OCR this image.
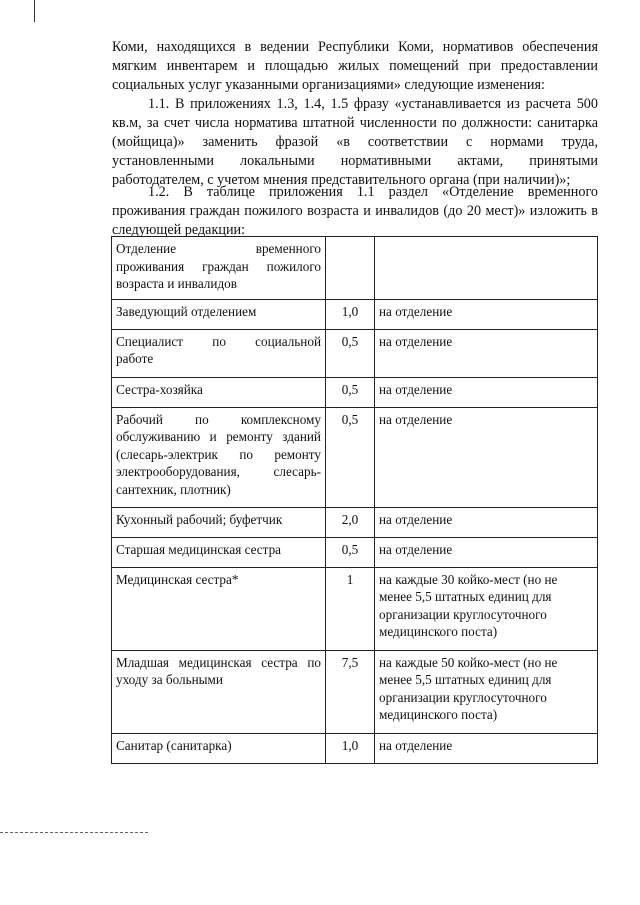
Коми, находящихся в ведении Республики Коми, нормативов обеспечения

мягким инвентарем и площадью жилых помещений при предоставлении

социальных услуг указанными организациями» следующие изменения:

1.1. В приложениях 1.3, 1.4, 1.5 фразу «устанавливается из расчета 500

кв.м, за счет числа норматива штатной численности по должности: санитарка

(мойщица)» заменить фразой «в соответствии с нормами труда,

установленными локальными нормативными актами, принятыми

работодателем, с учетом мнения представительного органа (при наличии)»;

1.2. В таблице приложения 1.1 раздел «Отделение временного

проживания граждан пожилого возраста и инвалидов (до 20 мест)» изложить в

следующей редакции:

Отделение временного
проживания граждан пожилого
возраста и инвалидов		
Заведующий отделением	1,0	на отделение

Специалист по социальной
работе	0,5	на отделение
Сестра-хозяйка	0,5	на отделение

Рабочий по комплексному
обслуживанию и ремонту зданий
(слесарь-электрик по ремонту
электрооборудования, слесарь-
сантехник, плотник)	0,5	на отделение
Кухонный рабочий; буфетчик	2,0	на отделение
Старшая медицинская сестра	0,5	на отделение
Медицинская сестра*	1	на каждые 30 койко-мест (но не менее 5,5 штатных единиц для организации круглосуточного медицинского поста)

Младшая медицинская сестра по
уходу за больными	7,5	на каждые 50 койко-мест (но не менее 5,5 штатных единиц для организации круглосуточного медицинского поста)
Санитар (санитарка)	1,0	на отделение
